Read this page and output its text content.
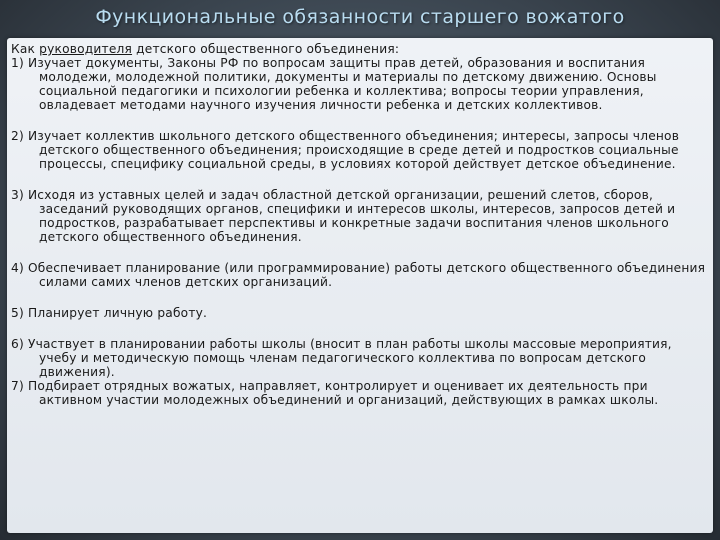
Функциональные обязанности старшего вожатого
Как руководителя детского общественного объединения:
1) Изучает документы, Законы РФ по вопросам защиты прав детей, образования и воспитания молодежи, молодежной политики, документы и материалы по детскому движению. Основы социальной педагогики и психологии ребенка и коллектива; вопросы теории управления, овладевает методами научного изучения личности ребенка и детских коллективов.
2) Изучает коллектив школьного детского общественного объединения; интересы, запросы членов детского общественного объединения; происходящие в среде детей и подростков социальные процессы, специфику социальной среды, в условиях которой действует детское объединение.
3) Исходя из уставных целей и задач областной детской организации, решений слетов, сборов, заседаний руководящих органов, специфики и интересов школы, интересов, запросов детей и подростков, разрабатывает перспективы и конкретные задачи воспитания членов школьного детского общественного объединения.
4) Обеспечивает планирование (или программирование) работы детского общественного объединения силами самих членов детских организаций.
5) Планирует личную работу.
6) Участвует в планировании работы школы (вносит в план работы школы массовые мероприятия, учебу и методическую помощь членам педагогического коллектива по вопросам детского движения).
7) Подбирает отрядных вожатых, направляет, контролирует и оценивает их деятельность при активном участии молодежных объединений и организаций, действующих в рамках школы.
